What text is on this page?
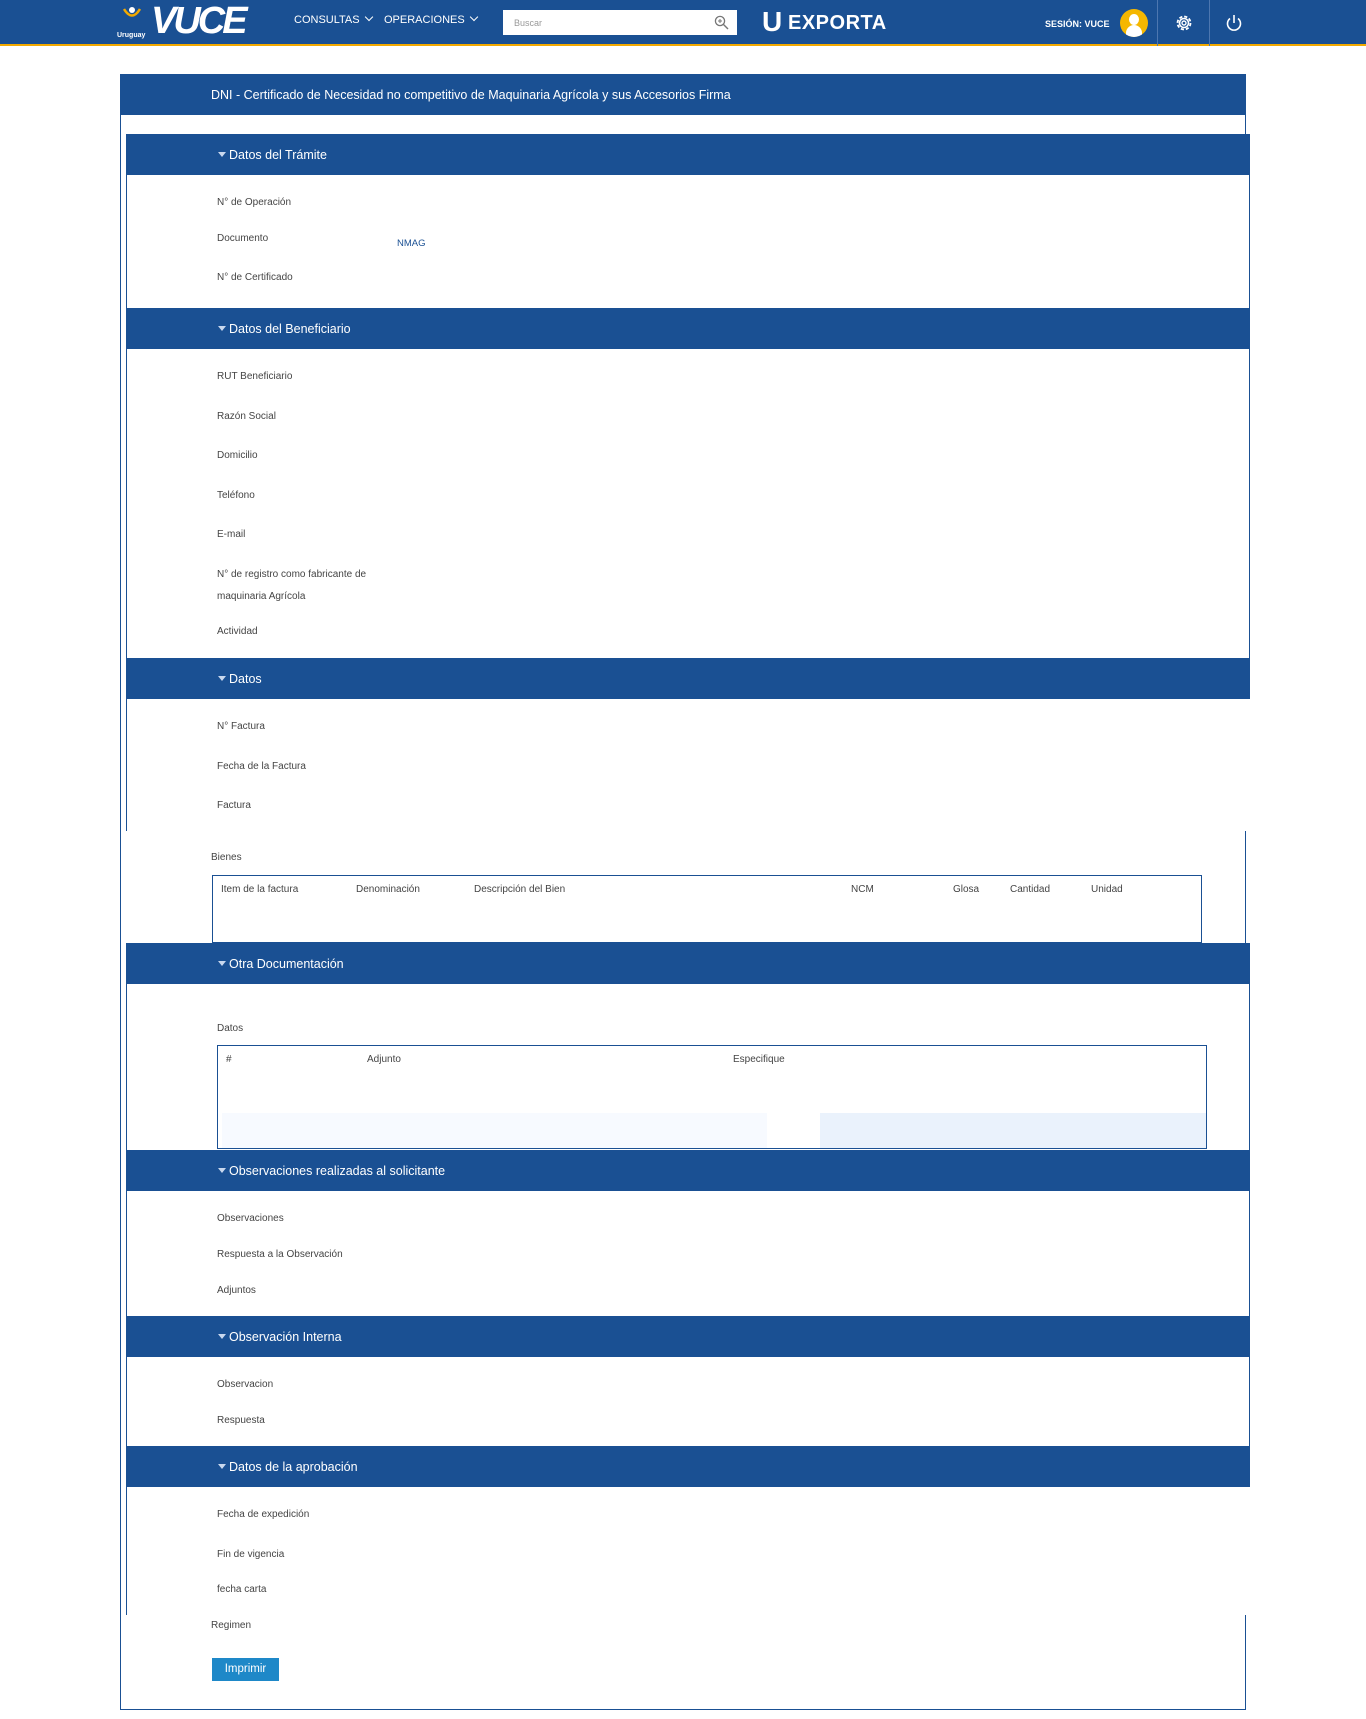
Uruguay VUCE	CONSULTAS	OPERACIONES
Buscar	U EXPORTA	SESIÓN: VUCE
DNI - Certificado de Necesidad no competitivo de Maquinaria Agrícola y sus Accesorios Firma
Datos del Trámite
N° de Operación
Documento	NMAG
N° de Certificado
Datos del Beneficiario
RUT Beneficiario
Razón Social
Domicilio
Teléfono
E-mail
N° de registro como fabricante de maquinaria Agrícola
Actividad
Datos
N° Factura
Fecha de la Factura
Factura
Bienes
Item de la factura	Denominación	Descripción del Bien	NCM	Glosa	Cantidad	Unidad
Otra Documentación
Datos
#	Adjunto	Especifique
Observaciones realizadas al solicitante
Observaciones
Respuesta a la Observación
Adjuntos
Observación Interna
Observacion
Respuesta
Datos de la aprobación
Fecha de expedición
Fin de vigencia
fecha carta
Regimen
Imprimir
